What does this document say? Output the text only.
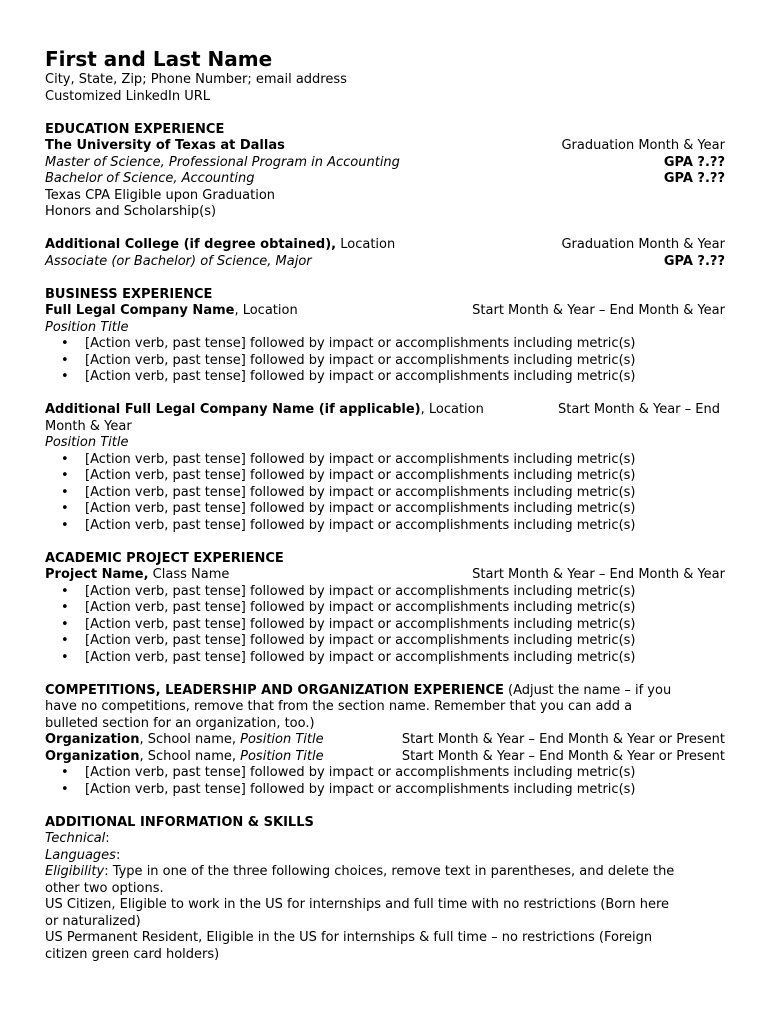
First and Last Name
City, State, Zip; Phone Number; email address
Customized LinkedIn URL
EDUCATION EXPERIENCE
The University of Texas at Dallas	Graduation Month & Year
Master of Science, Professional Program in Accounting	GPA ?.??
Bachelor of Science, Accounting	GPA ?.??
Texas CPA Eligible upon Graduation
Honors and Scholarship(s)
Additional College (if degree obtained), Location	Graduation Month & Year
Associate (or Bachelor) of Science, Major	GPA ?.??
BUSINESS EXPERIENCE
Full Legal Company Name, Location	Start Month & Year – End Month & Year
Position Title
• [Action verb, past tense] followed by impact or accomplishments including metric(s)
• [Action verb, past tense] followed by impact or accomplishments including metric(s)
• [Action verb, past tense] followed by impact or accomplishments including metric(s)
Additional Full Legal Company Name (if applicable), Location	Start Month & Year – End
Month & Year
Position Title
• [Action verb, past tense] followed by impact or accomplishments including metric(s)
• [Action verb, past tense] followed by impact or accomplishments including metric(s)
• [Action verb, past tense] followed by impact or accomplishments including metric(s)
• [Action verb, past tense] followed by impact or accomplishments including metric(s)
• [Action verb, past tense] followed by impact or accomplishments including metric(s)
ACADEMIC PROJECT EXPERIENCE
Project Name, Class Name	Start Month & Year – End Month & Year
• [Action verb, past tense] followed by impact or accomplishments including metric(s)
• [Action verb, past tense] followed by impact or accomplishments including metric(s)
• [Action verb, past tense] followed by impact or accomplishments including metric(s)
• [Action verb, past tense] followed by impact or accomplishments including metric(s)
• [Action verb, past tense] followed by impact or accomplishments including metric(s)
COMPETITIONS, LEADERSHIP AND ORGANIZATION EXPERIENCE (Adjust the name – if you
have no competitions, remove that from the section name. Remember that you can add a
bulleted section for an organization, too.)
Organization, School name, Position Title	Start Month & Year – End Month & Year or Present
Organization, School name, Position Title	Start Month & Year – End Month & Year or Present
• [Action verb, past tense] followed by impact or accomplishments including metric(s)
• [Action verb, past tense] followed by impact or accomplishments including metric(s)
ADDITIONAL INFORMATION & SKILLS
Technical:
Languages:
Eligibility: Type in one of the three following choices, remove text in parentheses, and delete the
other two options.
US Citizen, Eligible to work in the US for internships and full time with no restrictions (Born here
or naturalized)
US Permanent Resident, Eligible in the US for internships & full time – no restrictions (Foreign
citizen green card holders)
